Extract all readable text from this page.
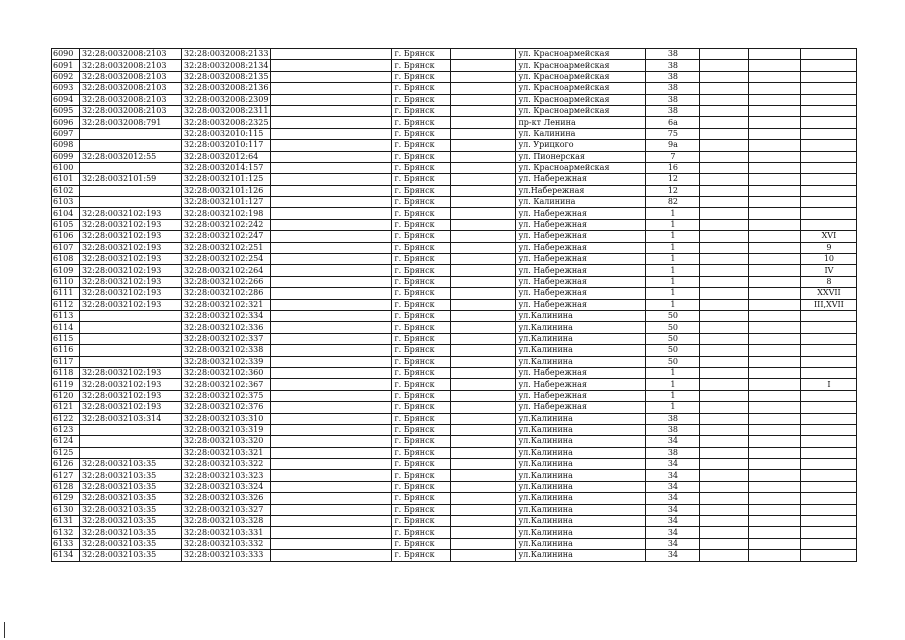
6090	32:28:0032008:2103	32:28:0032008:2133		г. Брянск		ул. Красноармейская	38			
6091	32:28:0032008:2103	32:28:0032008:2134		г. Брянск		ул. Красноармейская	38			
6092	32:28:0032008:2103	32:28:0032008:2135		г. Брянск		ул. Красноармейская	38			
6093	32:28:0032008:2103	32:28:0032008:2136		г. Брянск		ул. Красноармейская	38			
6094	32:28:0032008:2103	32:28:0032008:2309		г. Брянск		ул. Красноармейская	38			
6095	32:28:0032008:2103	32:28:0032008:2311		г. Брянск		ул. Красноармейская	38			
6096	32:28:0032008:791	32:28:0032008:2325		г. Брянск		пр-кт Ленина	6а			
6097		32:28:0032010:115		г. Брянск		ул. Калинина	75			
6098		32:28:0032010:117		г. Брянск		ул. Урицкого	9а			
6099	32:28:0032012:55	32:28:0032012:64		г. Брянск		ул. Пионерская	7			
6100		32:28:0032014:157		г. Брянск		ул. Красноармейская	16			
6101	32:28:0032101:59	32:28:0032101:125		г. Брянск		ул. Набережная	12			
6102		32:28:0032101:126		г. Брянск		ул.Набережная	12			
6103		32:28:0032101:127		г. Брянск		ул. Калинина	82			
6104	32:28:0032102:193	32:28:0032102:198		г. Брянск		ул. Набережная	1			
6105	32:28:0032102:193	32:28:0032102:242		г. Брянск		ул. Набережная	1			
6106	32:28:0032102:193	32:28:0032102:247		г. Брянск		ул. Набережная	1			XVI
6107	32:28:0032102:193	32:28:0032102:251		г. Брянск		ул. Набережная	1			9
6108	32:28:0032102:193	32:28:0032102:254		г. Брянск		ул. Набережная	1			10
6109	32:28:0032102:193	32:28:0032102:264		г. Брянск		ул. Набережная	1			IV
6110	32:28:0032102:193	32:28:0032102:266		г. Брянск		ул. Набережная	1			8
6111	32:28:0032102:193	32:28:0032102:286		г. Брянск		ул. Набережная	1			XXVII
6112	32:28:0032102:193	32:28:0032102:321		г. Брянск		ул. Набережная	1			III,XVII
6113		32:28:0032102:334		г. Брянск		ул.Калинина	50			
6114		32:28:0032102:336		г. Брянск		ул.Калинина	50			
6115		32:28:0032102:337		г. Брянск		ул.Калинина	50			
6116		32:28:0032102:338		г. Брянск		ул.Калинина	50			
6117		32:28:0032102:339		г. Брянск		ул.Калинина	50			
6118	32:28:0032102:193	32:28:0032102:360		г. Брянск		ул. Набережная	1			
6119	32:28:0032102:193	32:28:0032102:367		г. Брянск		ул. Набережная	1			I
6120	32:28:0032102:193	32:28:0032102:375		г. Брянск		ул. Набережная	1			
6121	32:28:0032102:193	32:28:0032102:376		г. Брянск		ул. Набережная	1			
6122	32:28:0032103:314	32:28:0032103:310		г. Брянск		ул.Калинина	38			
6123		32:28:0032103:319		г. Брянск		ул.Калинина	38			
6124		32:28:0032103:320		г. Брянск		ул.Калинина	34			
6125		32:28:0032103:321		г. Брянск		ул.Калинина	38			
6126	32:28:0032103:35	32:28:0032103:322		г. Брянск		ул.Калинина	34			
6127	32:28:0032103:35	32:28:0032103:323		г. Брянск		ул.Калинина	34			
6128	32:28:0032103:35	32:28:0032103:324		г. Брянск		ул.Калинина	34			
6129	32:28:0032103:35	32:28:0032103:326		г. Брянск		ул.Калинина	34			
6130	32:28:0032103:35	32:28:0032103:327		г. Брянск		ул.Калинина	34			
6131	32:28:0032103:35	32:28:0032103:328		г. Брянск		ул.Калинина	34			
6132	32:28:0032103:35	32:28:0032103:331		г. Брянск		ул.Калинина	34			
6133	32:28:0032103:35	32:28:0032103:332		г. Брянск		ул.Калинина	34			
6134	32:28:0032103:35	32:28:0032103:333		г. Брянск		ул.Калинина	34			
